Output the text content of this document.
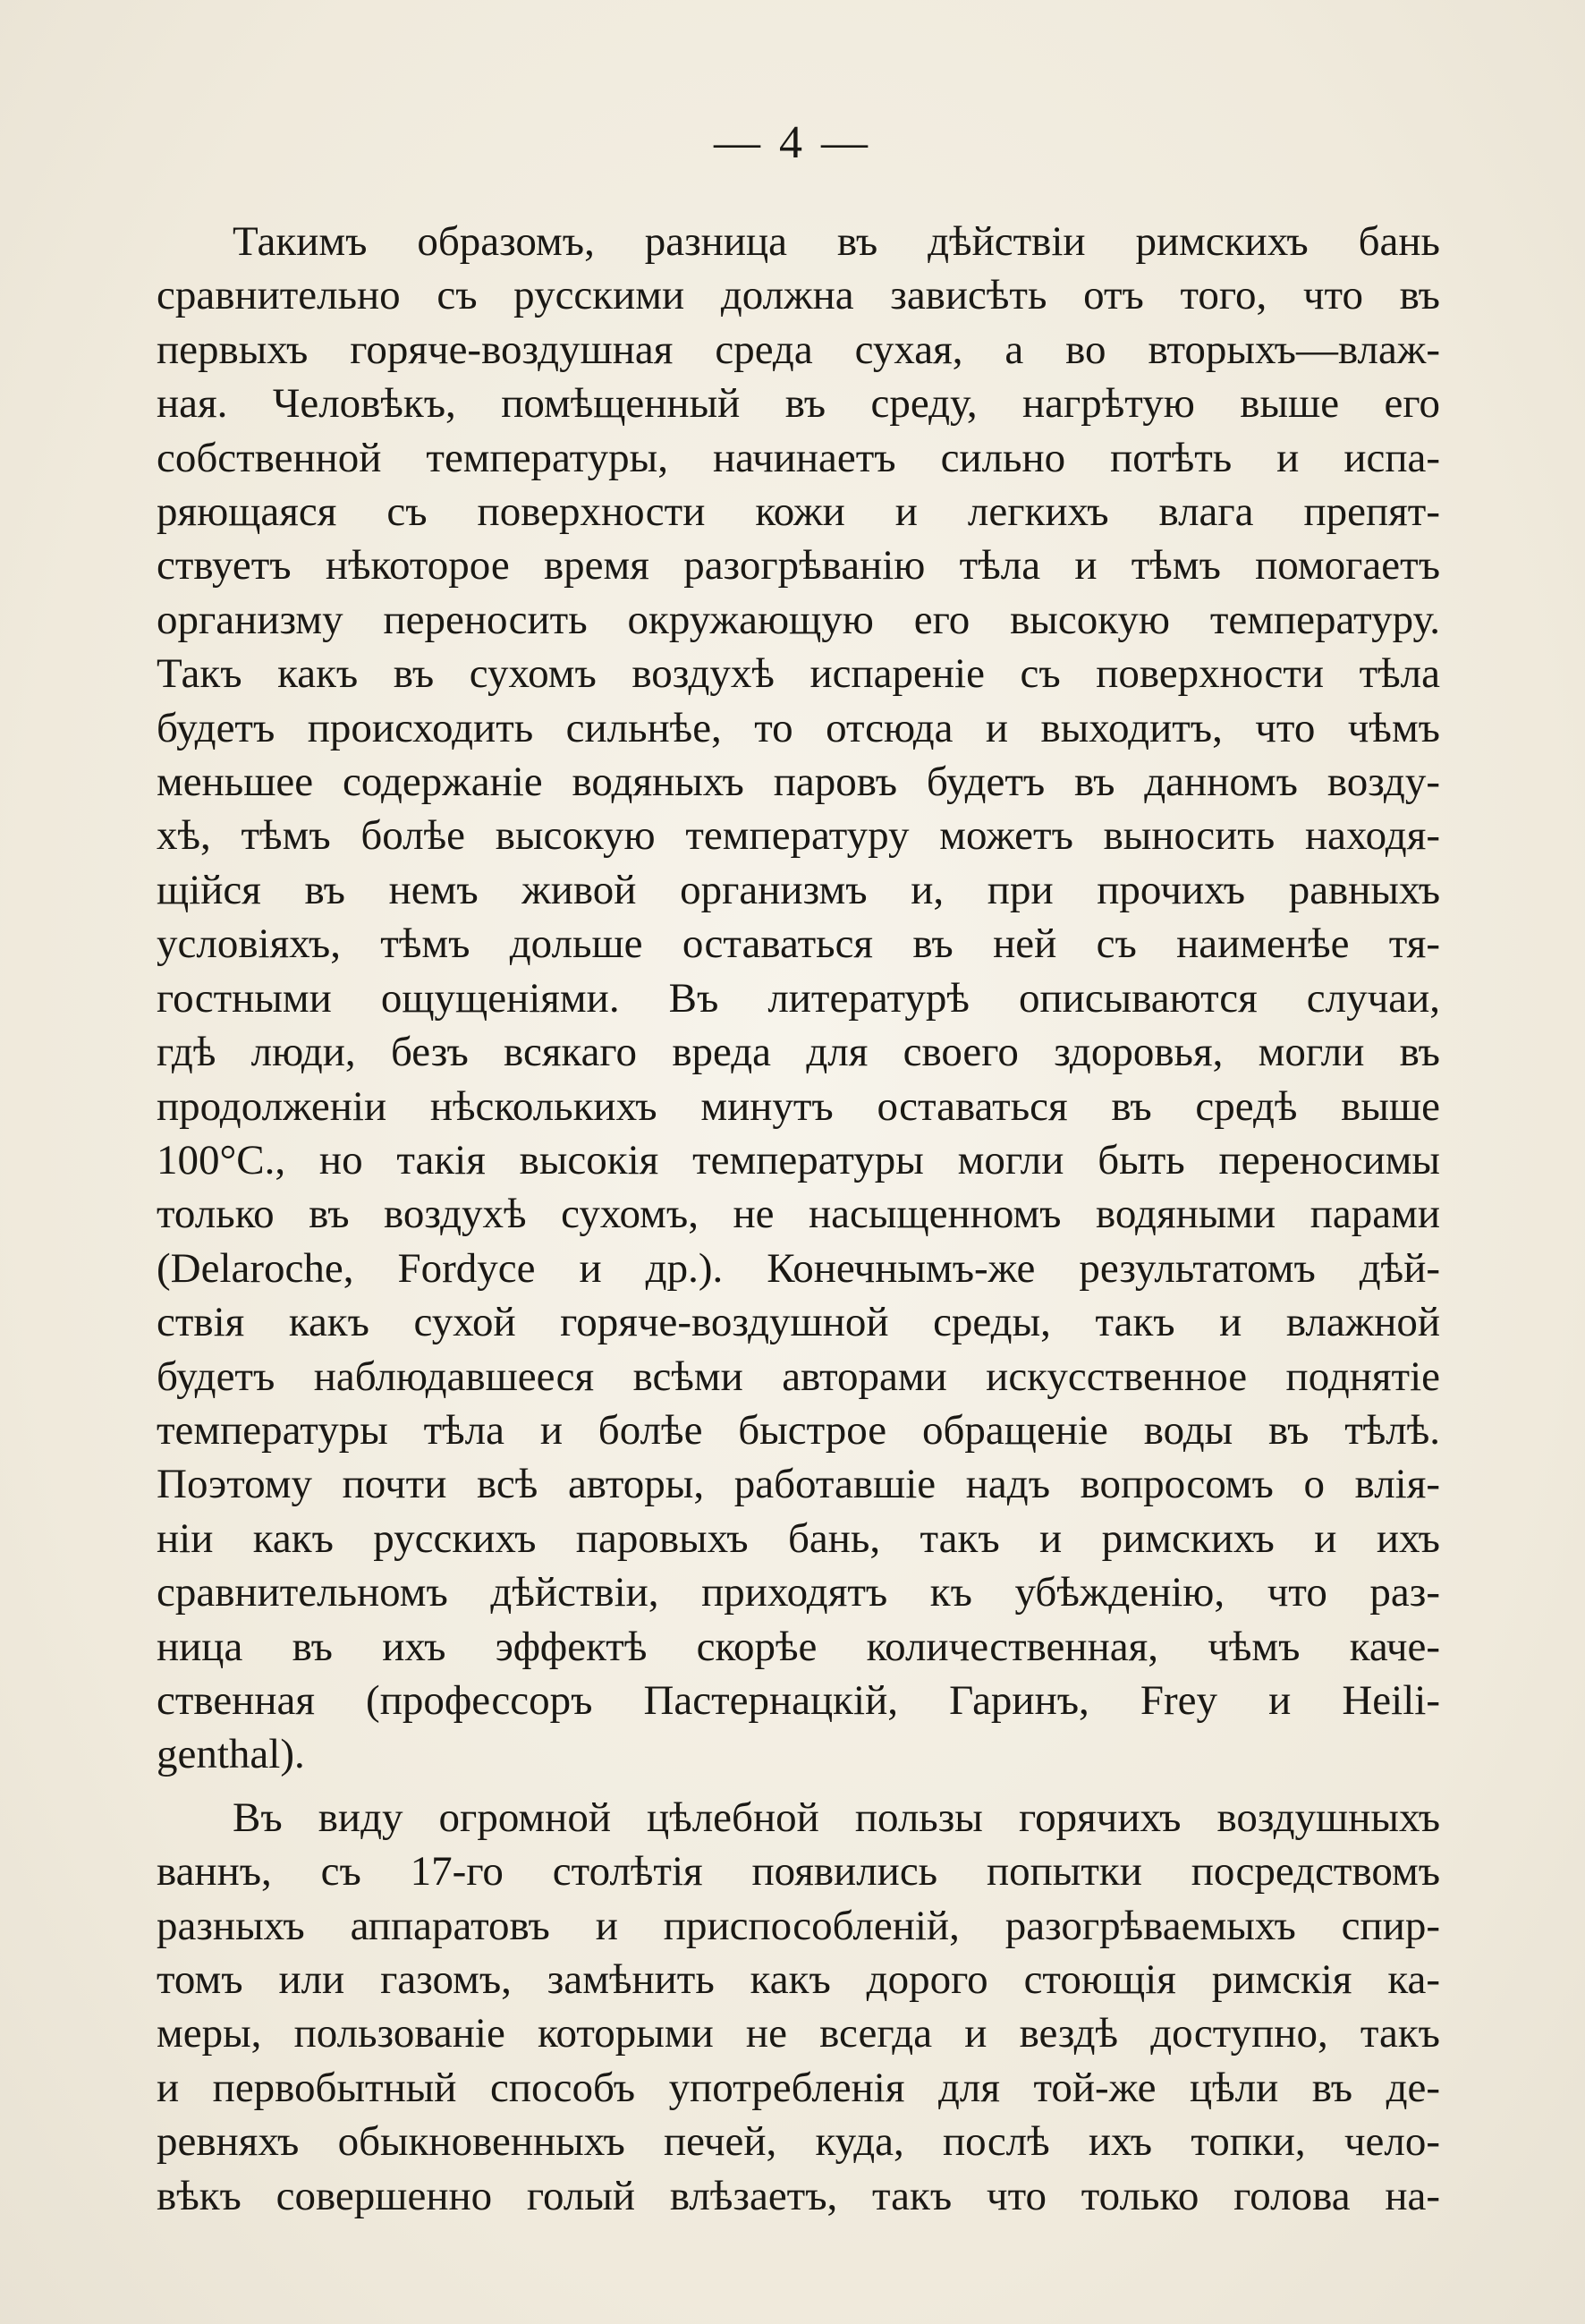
— 4 —
Такимъ образомъ, разница въ дѣйствіи римскихъ бань
сравнительно съ русскими должна зависѣть отъ того, что въ
первыхъ горяче-воздушная среда сухая, а во вторыхъ—влаж-
ная. Человѣкъ, помѣщенный въ среду, нагрѣтую выше его
собственной температуры, начинаетъ сильно потѣть и испа-
ряющаяся съ поверхности кожи и легкихъ влага препят-
ствуетъ нѣкоторое время разогрѣванію тѣла и тѣмъ помогаетъ
организму переносить окружающую его высокую температуру.
Такъ какъ въ сухомъ воздухѣ испареніе съ поверхности тѣла
будетъ происходить сильнѣе, то отсюда и выходитъ, что чѣмъ
меньшее содержаніе водяныхъ паровъ будетъ въ данномъ возду-
хѣ, тѣмъ болѣе высокую температуру можетъ выносить находя-
щійся въ немъ живой организмъ и, при прочихъ равныхъ
условіяхъ, тѣмъ дольше оставаться въ ней съ наименѣе тя-
гостными ощущеніями. Въ литературѣ описываются случаи,
гдѣ люди, безъ всякаго вреда для своего здоровья, могли въ
продолженіи нѣсколькихъ минутъ оставаться въ средѣ выше
100°С., но такія высокія температуры могли быть переносимы
только въ воздухѣ сухомъ, не насыщенномъ водяными парами
(Delaroche, Fordyce и др.). Конечнымъ-же результатомъ дѣй-
ствія какъ сухой горяче-воздушной среды, такъ и влажной
будетъ наблюдавшееся всѣми авторами искусственное поднятіе
температуры тѣла и болѣе быстрое обращеніе воды въ тѣлѣ.
Поэтому почти всѣ авторы, работавшіе надъ вопросомъ о влія-
ніи какъ русскихъ паровыхъ бань, такъ и римскихъ и ихъ
сравнительномъ дѣйствіи, приходятъ къ убѣжденію, что раз-
ница въ ихъ эффектѣ скорѣе количественная, чѣмъ каче-
ственная (профессоръ Пастернацкій, Гаринъ, Frey и Heili-
genthal).
Въ виду огромной цѣлебной пользы горячихъ воздушныхъ
ваннъ, съ 17-го столѣтія появились попытки посредствомъ
разныхъ аппаратовъ и приспособленій, разогрѣваемыхъ спир-
томъ или газомъ, замѣнить какъ дорого стоющія римскія ка-
меры, пользованіе которыми не всегда и вездѣ доступно, такъ
и первобытный способъ употребленія для той-же цѣли въ де-
ревняхъ обыкновенныхъ печей, куда, послѣ ихъ топки, чело-
вѣкъ совершенно голый влѣзаетъ, такъ что только голова на-
